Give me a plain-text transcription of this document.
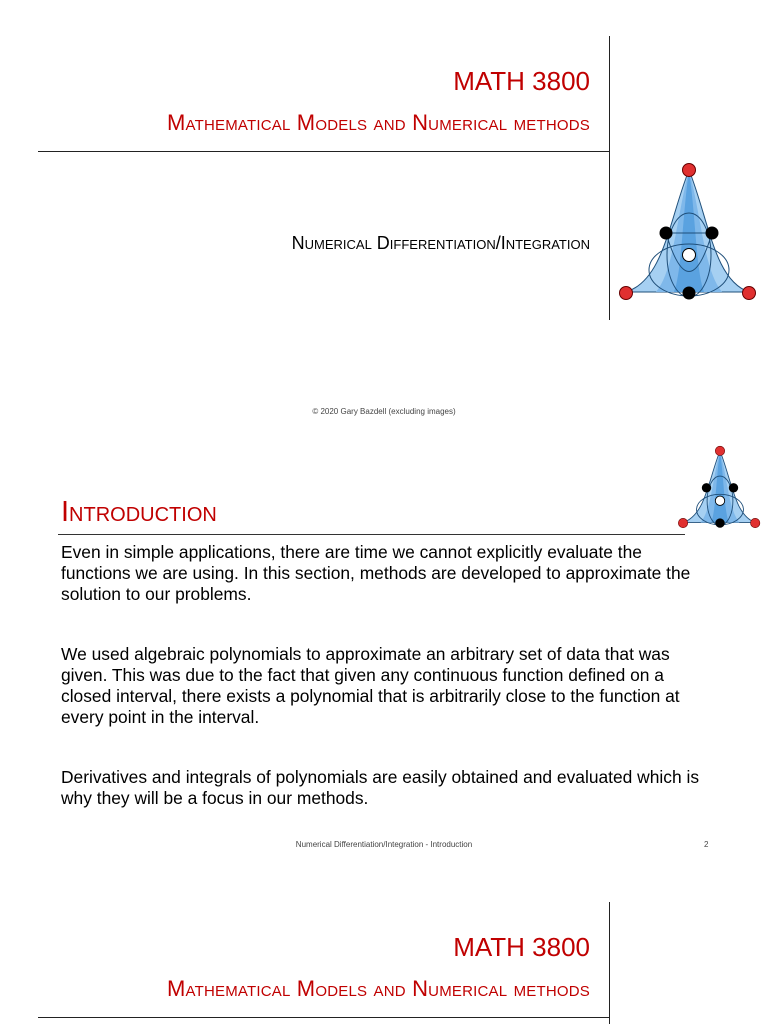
MATH 3800
Mathematical Models and Numerical methods
Numerical Differentiation/Integration
© 2020 Gary Bazdell (excluding images)
Introduction
Even in simple applications, there are time we cannot explicitly evaluate the functions we are using. In this section, methods are developed to approximate the solution to our problems.
We used algebraic polynomials to approximate an arbitrary set of data that was given. This was due to the fact that given any continuous function defined on a closed interval, there exists a polynomial that is arbitrarily close to the function at every point in the interval.
Derivatives and integrals of polynomials are easily obtained and evaluated which is why they will be a focus in our methods.
Numerical Differentiation/Integration - Introduction	2
MATH 3800
Mathematical Models and Numerical methods
